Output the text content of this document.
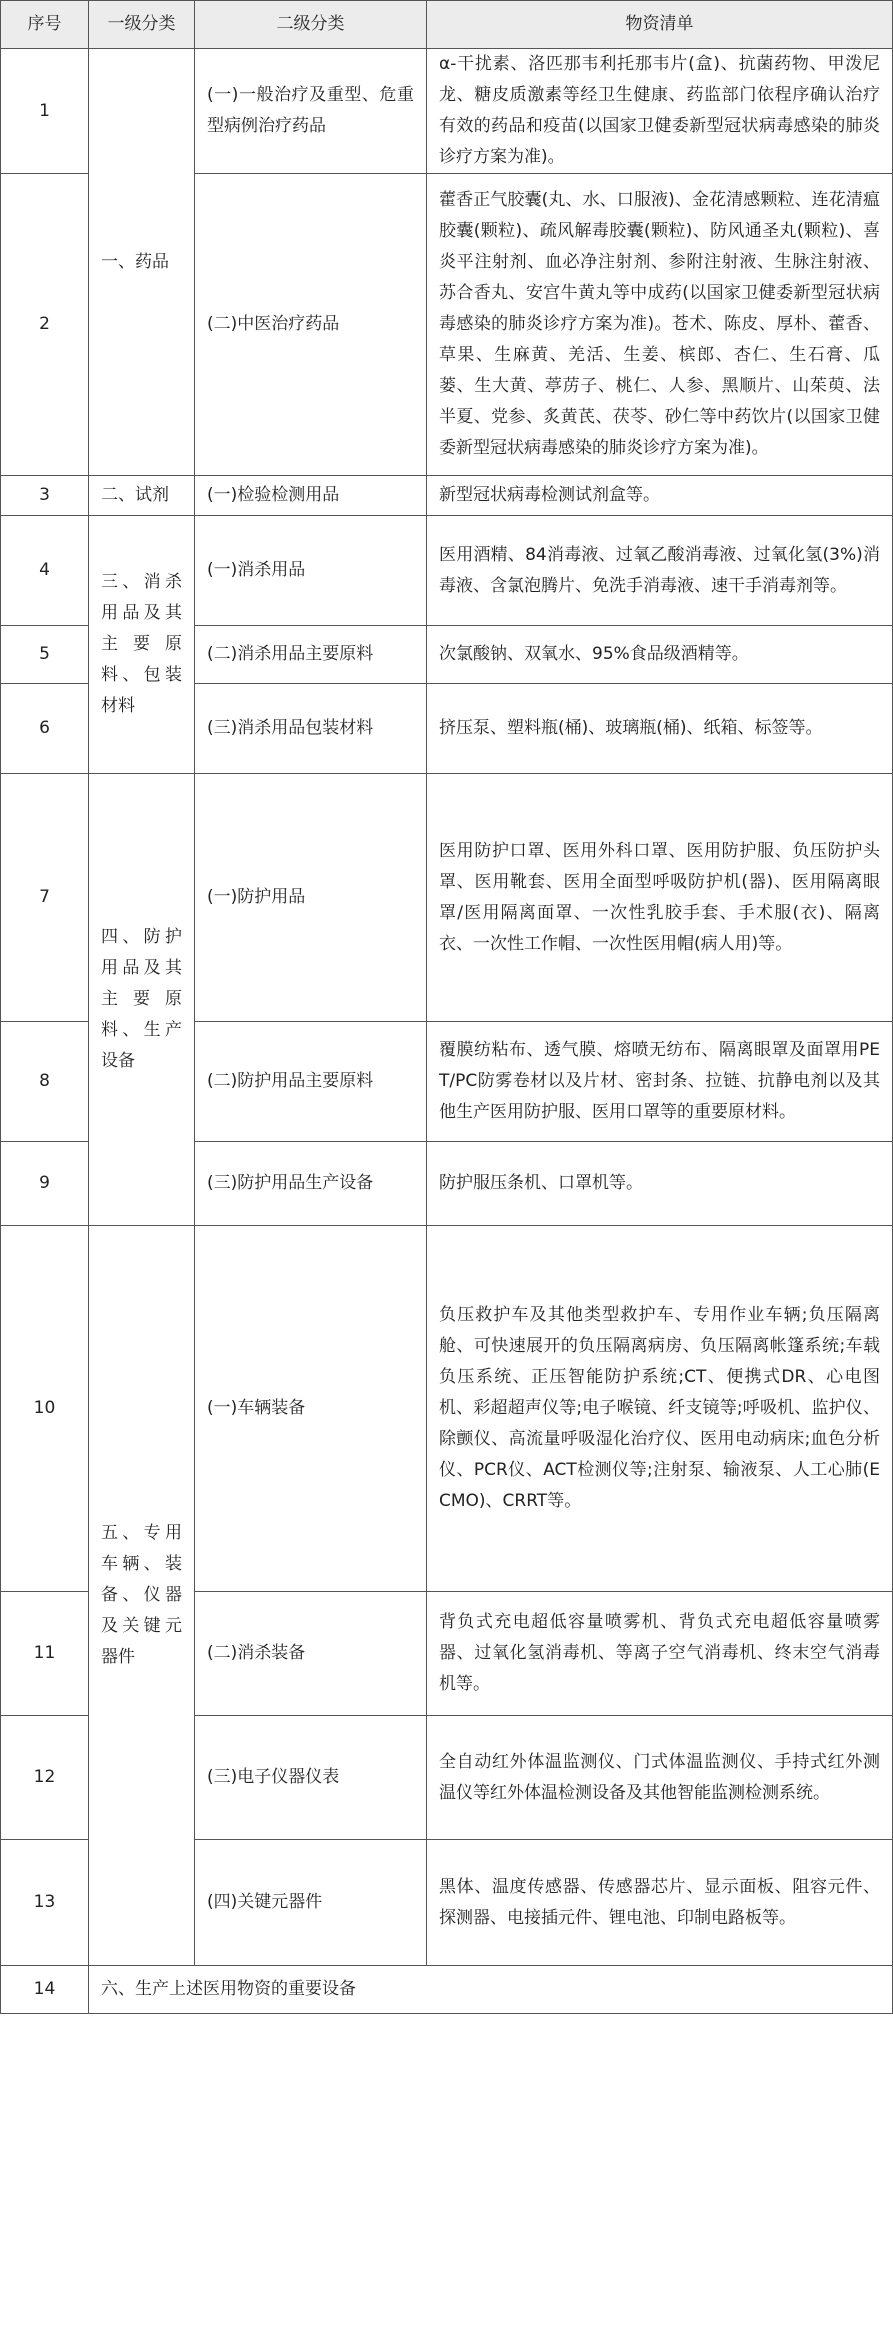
序号	一级分类	二级分类	物资清单
1	一、药品	(一)一般治疗及重型、危重型病例治疗药品	α-干扰素、洛匹那韦利托那韦片(盒)、抗菌药物、甲泼尼龙、糖皮质激素等经卫生健康、药监部门依程序确认治疗有效的药品和疫苗(以国家卫健委新型冠状病毒感染的肺炎诊疗方案为准)。
2		(二)中医治疗药品	藿香正气胶囊(丸、水、口服液)、金花清感颗粒、连花清瘟胶囊(颗粒)、疏风解毒胶囊(颗粒)、防风通圣丸(颗粒)、喜炎平注射剂、血必净注射剂、参附注射液、生脉注射液、苏合香丸、安宫牛黄丸等中成药(以国家卫健委新型冠状病毒感染的肺炎诊疗方案为准)。苍术、陈皮、厚朴、藿香、草果、生麻黄、羌活、生姜、槟郎、杏仁、生石膏、瓜蒌、生大黄、葶苈子、桃仁、人参、黑顺片、山茱萸、法半夏、党参、炙黄芪、茯苓、砂仁等中药饮片(以国家卫健委新型冠状病毒感染的肺炎诊疗方案为准)。
3	二、试剂	(一)检验检测用品	新型冠状病毒检测试剂盒等。
4	三、消杀用品及其主要原料、包装材料	(一)消杀用品	医用酒精、84消毒液、过氧乙酸消毒液、过氧化氢(3%)消毒液、含氯泡腾片、免洗手消毒液、速干手消毒剂等。
5		(二)消杀用品主要原料	次氯酸钠、双氧水、95%食品级酒精等。
6		(三)消杀用品包装材料	挤压泵、塑料瓶(桶)、玻璃瓶(桶)、纸箱、标签等。
7	四、防护用品及其主要原料、生产设备	(一)防护用品	医用防护口罩、医用外科口罩、医用防护服、负压防护头罩、医用靴套、医用全面型呼吸防护机(器)、医用隔离眼罩/医用隔离面罩、一次性乳胶手套、手术服(衣)、隔离衣、一次性工作帽、一次性医用帽(病人用)等。
8		(二)防护用品主要原料	覆膜纺粘布、透气膜、熔喷无纺布、隔离眼罩及面罩用PET/PC防雾卷材以及片材、密封条、拉链、抗静电剂以及其他生产医用防护服、医用口罩等的重要原材料。
9		(三)防护用品生产设备	防护服压条机、口罩机等。
10	五、专用车辆、装备、仪器及关键元器件	(一)车辆装备	负压救护车及其他类型救护车、专用作业车辆;负压隔离舱、可快速展开的负压隔离病房、负压隔离帐篷系统;车载负压系统、正压智能防护系统;CT、便携式DR、心电图机、彩超超声仪等;电子喉镜、纤支镜等;呼吸机、监护仪、除颤仪、高流量呼吸湿化治疗仪、医用电动病床;血色分析仪、PCR仪、ACT检测仪等;注射泵、输液泵、人工心肺(ECMO)、CRRT等。
11		(二)消杀装备	背负式充电超低容量喷雾机、背负式充电超低容量喷雾器、过氧化氢消毒机、等离子空气消毒机、终末空气消毒机等。
12		(三)电子仪器仪表	全自动红外体温监测仪、门式体温监测仪、手持式红外测温仪等红外体温检测设备及其他智能监测检测系统。
13		(四)关键元器件	黑体、温度传感器、传感器芯片、显示面板、阻容元件、探测器、电接插元件、锂电池、印制电路板等。
14	六、生产上述医用物资的重要设备		
